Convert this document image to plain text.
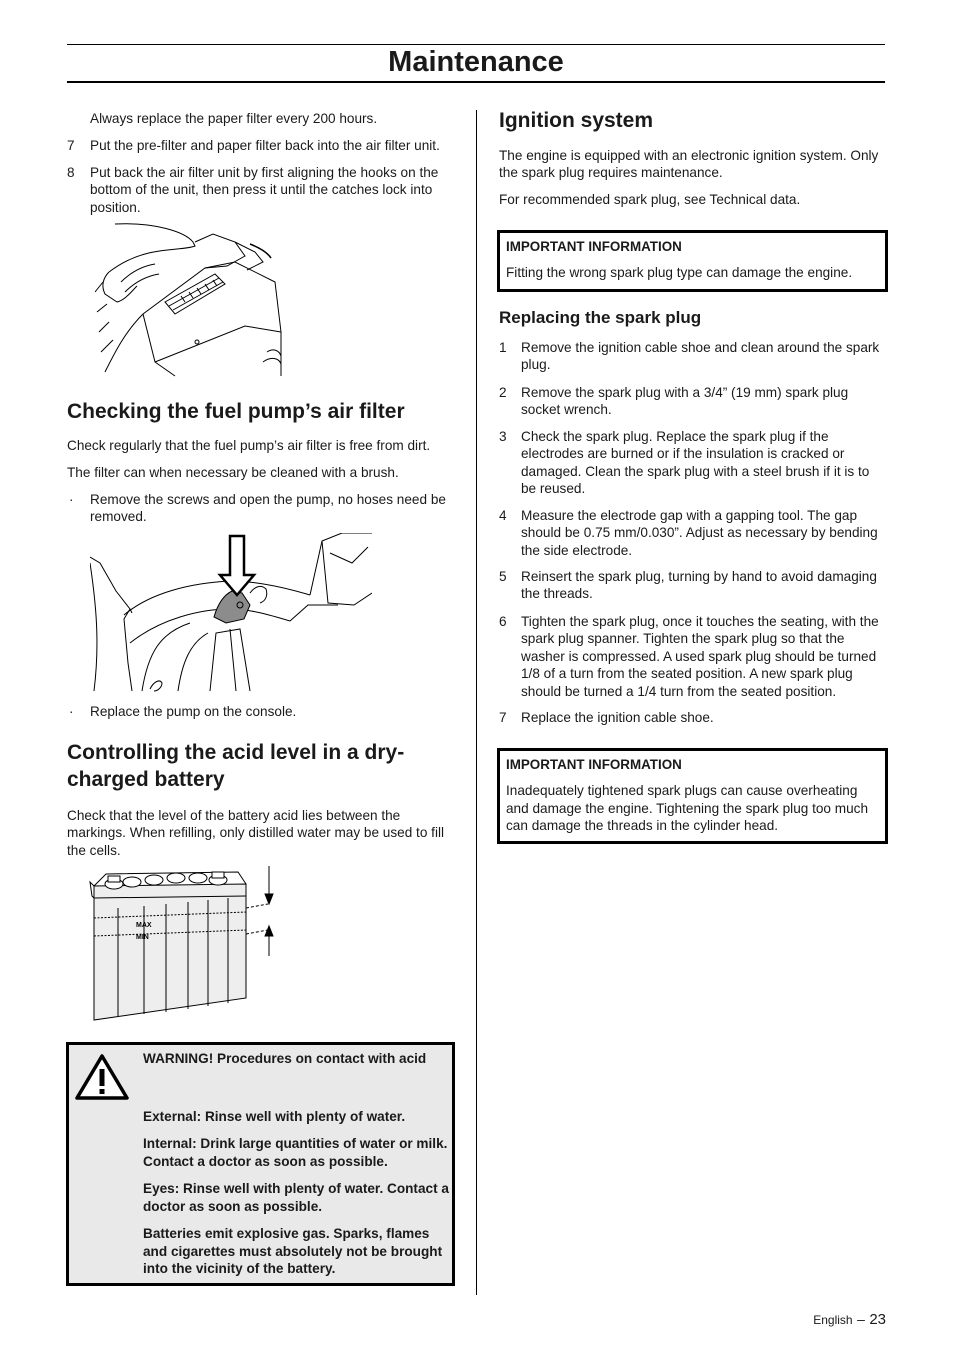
Maintenance
Always replace the paper filter every 200 hours.
7 Put the pre-filter and paper filter back into the air filter unit.
8 Put back the air filter unit by first aligning the hooks on the bottom of the unit, then press it until the catches lock into position.
Checking the fuel pump’s air filter
Check regularly that the fuel pump’s air filter is free from dirt.
The filter can when necessary be cleaned with a brush.
· Remove the screws and open the pump, no hoses need be removed.
· Replace the pump on the console.
Controlling the acid level in a dry-charged battery
Check that the level of the battery acid lies between the markings. When refilling, only distilled water may be used to fill the cells.
MAX
MIN
WARNING! Procedures on contact with acid
External: Rinse well with plenty of water.
Internal: Drink large quantities of water or milk. Contact a doctor as soon as possible.
Eyes: Rinse well with plenty of water. Contact a doctor as soon as possible.
Batteries emit explosive gas. Sparks, flames and cigarettes must absolutely not be brought into the vicinity of the battery.
Ignition system
The engine is equipped with an electronic ignition system. Only the spark plug requires maintenance.
For recommended spark plug, see Technical data.
IMPORTANT INFORMATION
Fitting the wrong spark plug type can damage the engine.
Replacing the spark plug
1 Remove the ignition cable shoe and clean around the spark plug.
2 Remove the spark plug with a 3/4” (19 mm) spark plug socket wrench.
3 Check the spark plug. Replace the spark plug if the electrodes are burned or if the insulation is cracked or damaged. Clean the spark plug with a steel brush if it is to be reused.
4 Measure the electrode gap with a gapping tool. The gap should be 0.75 mm/0.030”. Adjust as necessary by bending the side electrode.
5 Reinsert the spark plug, turning by hand to avoid damaging the threads.
6 Tighten the spark plug, once it touches the seating, with the spark plug spanner. Tighten the spark plug so that the washer is compressed. A used spark plug should be turned 1/8 of a turn from the seated position. A new spark plug should be turned a 1/4 turn from the seated position.
7 Replace the ignition cable shoe.
IMPORTANT INFORMATION
Inadequately tightened spark plugs can cause overheating and damage the engine. Tightening the spark plug too much can damage the threads in the cylinder head.
English – 23
